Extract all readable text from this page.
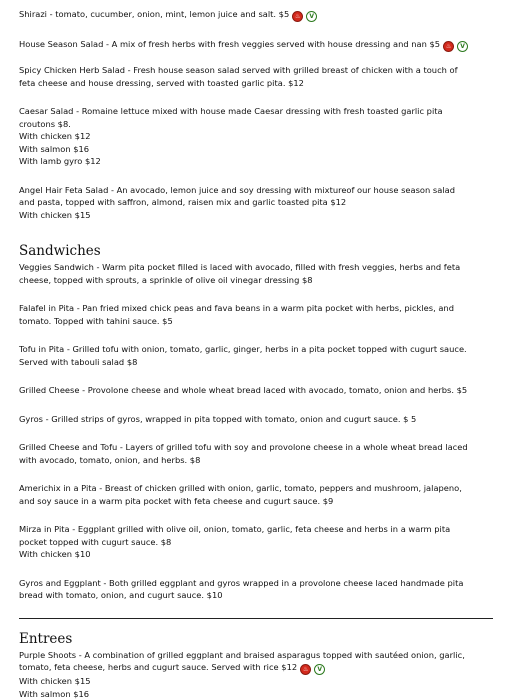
Shirazi - tomato, cucumber, onion, mint, lemon juice and salt. $5 ♨ V
House Season Salad - A mix of fresh herbs with fresh veggies served with house dressing and nan $5 ♨ V
Spicy Chicken Herb Salad - Fresh house season salad served with grilled breast of chicken with a touch of
feta cheese and house dressing, served with toasted garlic pita. $12
Caesar Salad - Romaine lettuce mixed with house made Caesar dressing with fresh toasted garlic pita
croutons $8.
With chicken $12
With salmon $16
With lamb gyro $12
Angel Hair Feta Salad - An avocado, lemon juice and soy dressing with mixtureof our house season salad
and pasta, topped with saffron, almond, raisen mix and garlic toasted pita $12
With chicken $15
Sandwiches
Veggies Sandwich - Warm pita pocket filled is laced with avocado, filled with fresh veggies, herbs and feta
cheese, topped with sprouts, a sprinkle of olive oil vinegar dressing $8
Falafel in Pita - Pan fried mixed chick peas and fava beans in a warm pita pocket with herbs, pickles, and
tomato. Topped with tahini sauce. $5
Tofu in Pita - Grilled tofu with onion, tomato, garlic, ginger, herbs in a pita pocket topped with cugurt sauce.
Served with tabouli salad $8
Grilled Cheese - Provolone cheese and whole wheat bread laced with avocado, tomato, onion and herbs. $5
Gyros - Grilled strips of gyros, wrapped in pita topped with tomato, onion and cugurt sauce. $ 5
Grilled Cheese and Tofu - Layers of grilled tofu with soy and provolone cheese in a whole wheat bread laced
with avocado, tomato, onion, and herbs. $8
Americhix in a Pita - Breast of chicken grilled with onion, garlic, tomato, peppers and mushroom, jalapeno,
and soy sauce in a warm pita pocket with feta cheese and cugurt sauce. $9
Mirza in Pita - Eggplant grilled with olive oil, onion, tomato, garlic, feta cheese and herbs in a warm pita
pocket topped with cugurt sauce. $8
With chicken $10
Gyros and Eggplant - Both grilled eggplant and gyros wrapped in a provolone cheese laced handmade pita
bread with tomato, onion, and cugurt sauce. $10
Entrees
Purple Shoots - A combination of grilled eggplant and braised asparagus topped with sautéed onion, garlic,
tomato, feta cheese, herbs and cugurt sauce. Served with rice $12 ♨ V
With chicken $15
With salmon $16
